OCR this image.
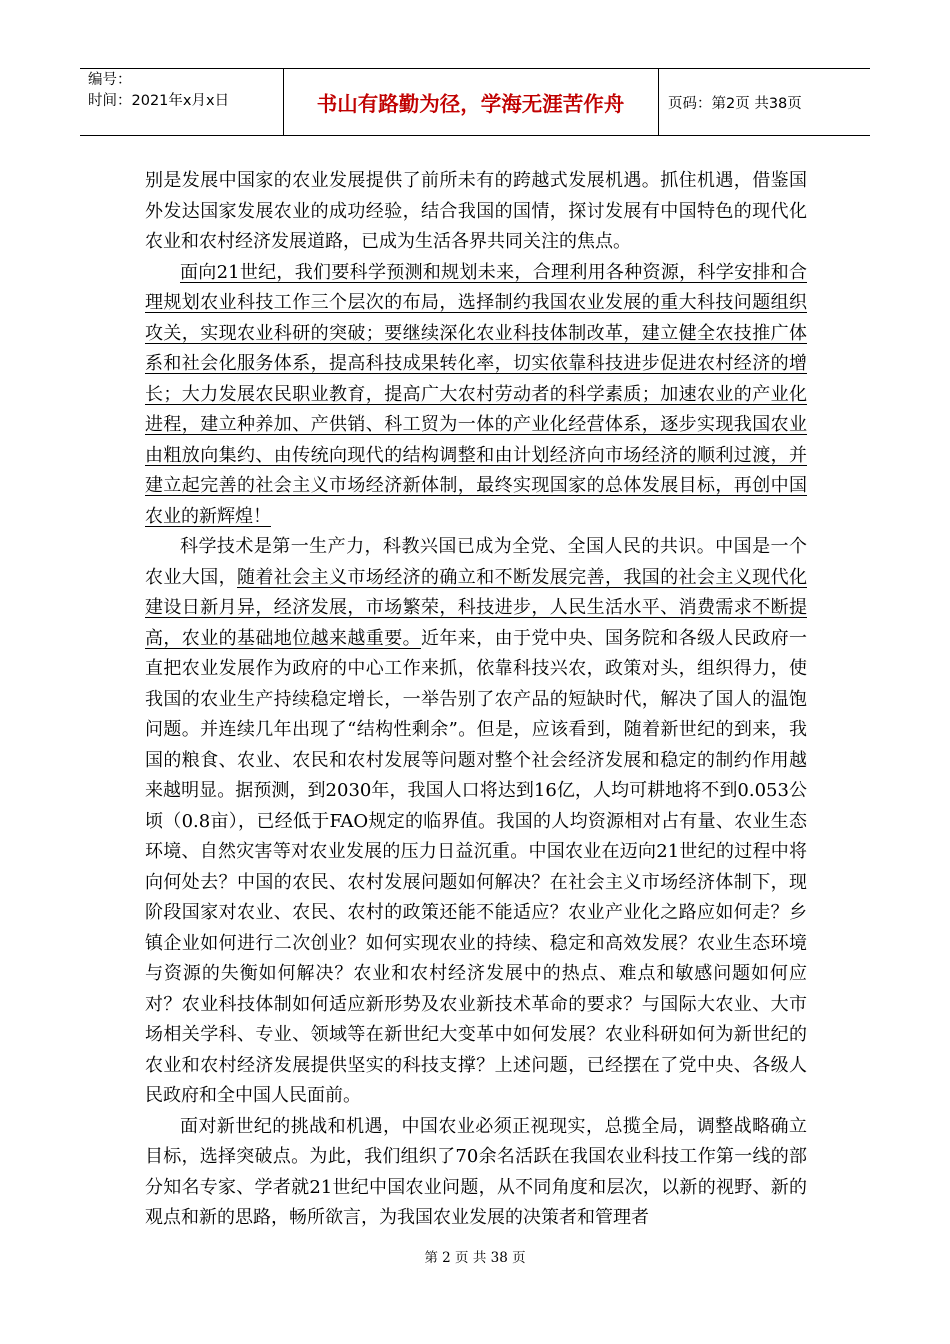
编号：
时间：2021年x月x日	书山有路勤为径，学海无涯苦作舟	页码：第2页 共38页

别是发展中国家的农业发展提供了前所未有的跨越式发展机遇。抓住机遇，借鉴国外发达国家发展农业的成功经验，结合我国的国情，探讨发展有中国特色的现代化农业和农村经济发展道路，已成为生活各界共同关注的焦点。

面向21世纪，我们要科学预测和规划未来，合理利用各种资源，科学安排和合理规划农业科技工作三个层次的布局，选择制约我国农业发展的重大科技问题组织攻关，实现农业科研的突破；要继续深化农业科技体制改革，建立健全农技推广体系和社会化服务体系，提高科技成果转化率，切实依靠科技进步促进农村经济的增长；大力发展农民职业教育，提高广大农村劳动者的科学素质；加速农业的产业化进程，建立种养加、产供销、科工贸为一体的产业化经营体系，逐步实现我国农业由粗放向集约、由传统向现代的结构调整和由计划经济向市场经济的顺利过渡，并建立起完善的社会主义市场经济新体制，最终实现国家的总体发展目标，再创中国农业的新辉煌！

科学技术是第一生产力，科教兴国已成为全党、全国人民的共识。中国是一个农业大国，随着社会主义市场经济的确立和不断发展完善，我国的社会主义现代化建设日新月异，经济发展，市场繁荣，科技进步，人民生活水平、消费需求不断提高，农业的基础地位越来越重要。近年来，由于党中央、国务院和各级人民政府一直把农业发展作为政府的中心工作来抓，依靠科技兴农，政策对头，组织得力，使我国的农业生产持续稳定增长，一举告别了农产品的短缺时代，解决了国人的温饱问题。并连续几年出现了“结构性剩余”。但是，应该看到，随着新世纪的到来，我国的粮食、农业、农民和农村发展等问题对整个社会经济发展和稳定的制约作用越来越明显。据预测，到2030年，我国人口将达到16亿，人均可耕地将不到0.053公顷（0.8亩），已经低于FAO规定的临界值。我国的人均资源相对占有量、农业生态环境、自然灾害等对农业发展的压力日益沉重。中国农业在迈向21世纪的过程中将向何处去？中国的农民、农村发展问题如何解决？在社会主义市场经济体制下，现阶段国家对农业、农民、农村的政策还能不能适应？农业产业化之路应如何走？乡镇企业如何进行二次创业？如何实现农业的持续、稳定和高效发展？农业生态环境与资源的失衡如何解决？农业和农村经济发展中的热点、难点和敏感问题如何应对？农业科技体制如何适应新形势及农业新技术革命的要求？与国际大农业、大市场相关学科、专业、领域等在新世纪大变革中如何发展？农业科研如何为新世纪的农业和农村经济发展提供坚实的科技支撑？上述问题，已经摆在了党中央、各级人民政府和全中国人民面前。

面对新世纪的挑战和机遇，中国农业必须正视现实，总揽全局，调整战略确立目标，选择突破点。为此，我们组织了70余名活跃在我国农业科技工作第一线的部分知名专家、学者就21世纪中国农业问题，从不同角度和层次，以新的视野、新的观点和新的思路，畅所欲言，为我国农业发展的决策者和管理者

第 2 页 共 38 页
